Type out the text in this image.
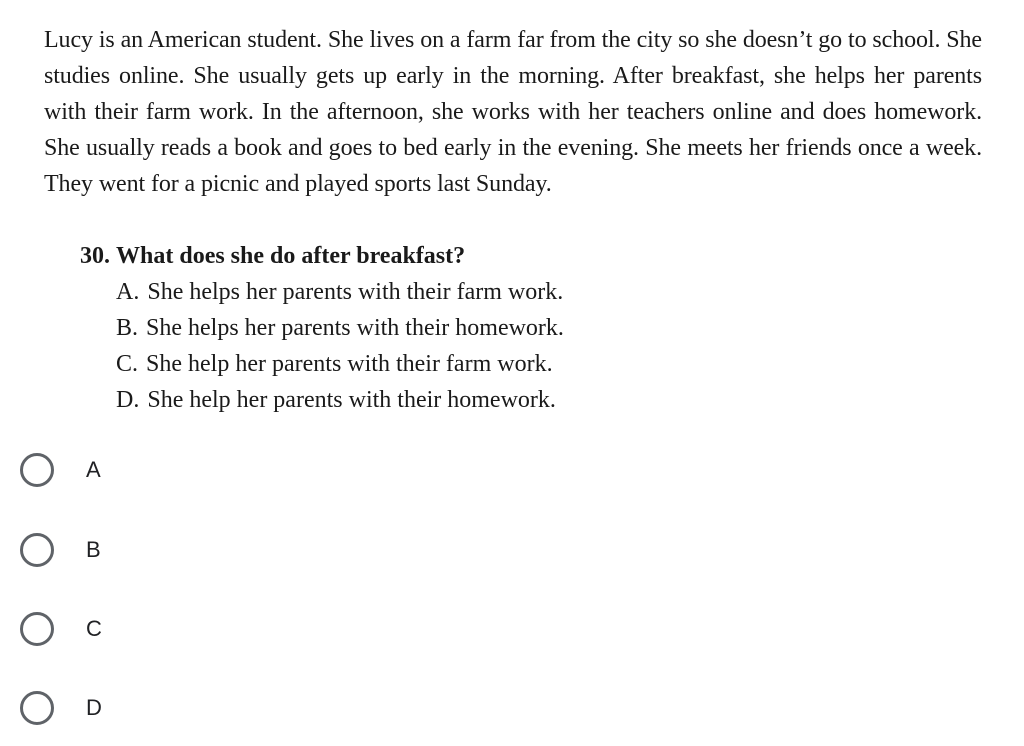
Lucy is an American student. She lives on a farm far from the city so she doesn’t go to school. She studies online. She usually gets up early in the morning. After breakfast, she helps her parents with their farm work. In the afternoon, she works with her teachers online and does homework. She usually reads a book and goes to bed early in the evening. She meets her friends once a week. They went for a picnic and played sports last Sunday.

30. What does she do after breakfast?
A. She helps her parents with their farm work.
B. She helps her parents with their homework.
C. She help her parents with their farm work.
D. She help her parents with their homework.
A
B
C
D
